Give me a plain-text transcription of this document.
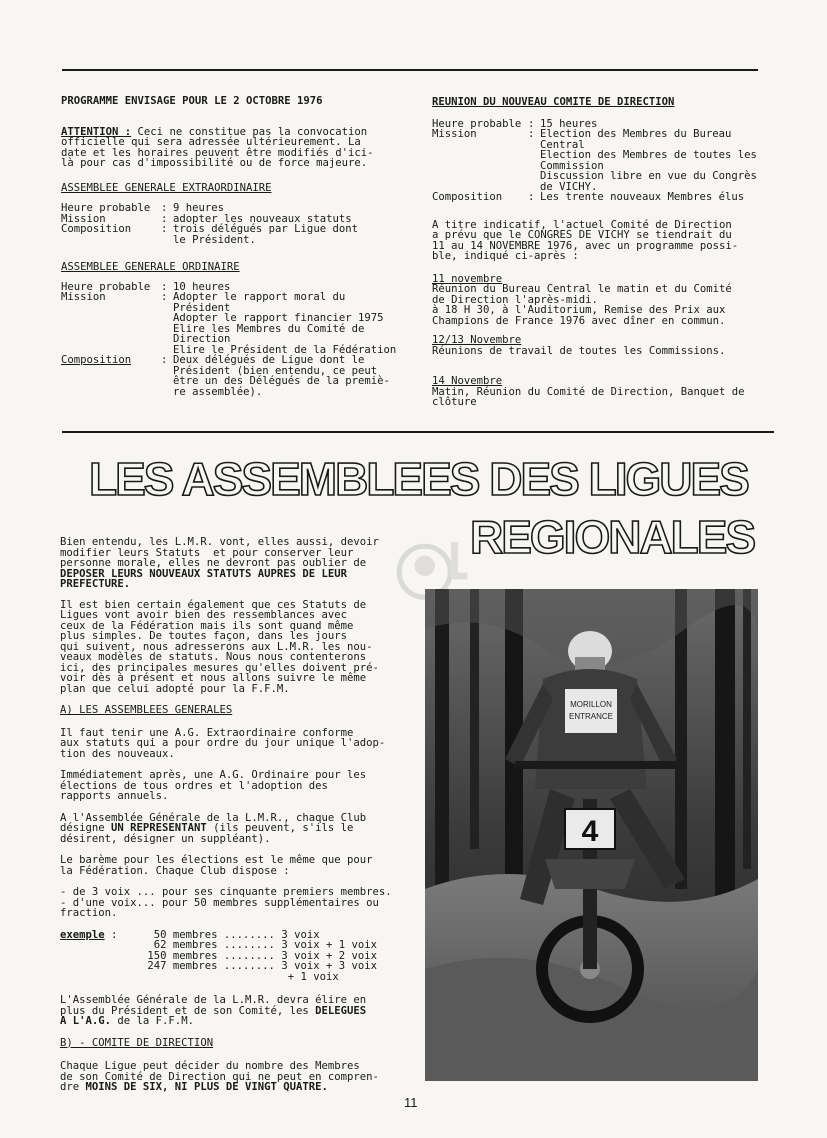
PROGRAMME ENVISAGE POUR LE 2 OCTOBRE 1976

ATTENTION : Ceci ne constitue pas la convocation

officielle qui sera adressée ultérieurement. La
date et les horaires peuvent être modifiés d'ici-
là pour cas d'impossibilité ou de force majeure.

ASSEMBLEE GENERALE EXTRAORDINAIRE

Heure probable	: 9 heures

Mission	: adopter les nouveaux statuts

Composition	: trois délégués par Ligue dont
le Président.

ASSEMBLEE GENERALE ORDINAIRE

Heure probable	: 10 heures

Mission	: Adopter le rapport moral du
Président
Adopter le rapport financier 1975
Elire les Membres du Comité de
Direction
Elire le Président de la Fédération

Composition	: Deux délégués de Ligue dont le
Président (bien entendu, ce peut
être un des Délégués de la premiè-
re assemblée).

REUNION DU NOUVEAU COMITE DE DIRECTION

Heure probable : 15 heures

Mission	: Election des Membres du Bureau
Central
Election des Membres de toutes les
Commission
Discussion libre en vue du Congrès
de VICHY.

Composition	: Les trente nouveaux Membres élus

A titre indicatif, l'actuel Comité de Direction
a prévu que le CONGRES DE VICHY se tiendrait du
11 au 14 NOVEMBRE 1976, avec un programme possi-
ble, indiqué ci-après :

11 novembre

Réunion du Bureau Central le matin et du Comité
de Direction l'après-midi.
à 18 H 30, à l'Auditorium, Remise des Prix aux
Champions de France 1976 avec dîner en commun.

12/13 Novembre

Réunions de travail de toutes les Commissions.

14 Novembre

Matin, Réunion du Comité de Direction, Banquet de
clôture

LES ASSEMBLEES DES LIGUES

REGIONALES

Bien entendu, les L.M.R. vont, elles aussi, devoir
modifier leurs Statuts  et pour conserver leur
personne morale, elles ne devront pas oublier de

DEPOSER LEURS NOUVEAUX STATUTS AUPRES DE LEUR
PREFECTURE.

Il est bien certain également que ces Statuts de
Ligues vont avoir bien des ressemblances avec
ceux de la Fédération mais ils sont quand même
plus simples. De toutes façon, dans les jours
qui suivent, nous adresserons aux L.M.R. les nou-
veaux modèles de statuts. Nous nous contenterons
ici, des principales mesures qu'elles doivent pré-
voir dès à présent et nous allons suivre le même
plan que celui adopté pour la F.F.M.

A) LES ASSEMBLEES GENERALES

Il faut tenir une A.G. Extraordinaire conforme
aux statuts qui a pour ordre du jour unique l'adop-
tion des nouveaux.

Immédiatement après, une A.G. Ordinaire pour les
élections de tous ordres et l'adoption des
rapports annuels.

A l'Assemblée Générale de la L.M.R., chaque Club
désigne UN REPRESENTANT (ils peuvent, s'ils le
désirent, désigner un suppléant).

Le barème pour les élections est le même que pour
la Fédération. Chaque Club dispose :

- de 3 voix ... pour ses cinquante premiers membres.
- d'une voix... pour 50 membres supplémentaires ou
fraction.

exemple :	50 membres ........ 3 voix

62 membres ........ 3 voix + 1 voix

150 membres ........ 3 voix + 2 voix

247 membres ........ 3 voix + 3 voix
+ 1 voix

L'Assemblée Générale de la L.M.R. devra élire en
plus du Président et de son Comité, les DELEGUES
A L'A.G. de la F.F.M.

B) - COMITE DE DIRECTION

Chaque Ligue peut décider du nombre des Membres
de son Comité de Direction qui ne peut en compren-
dre MOINS DE SIX, NI PLUS DE VINGT QUATRE.

MORILLON
ENTRANCE
4
11
